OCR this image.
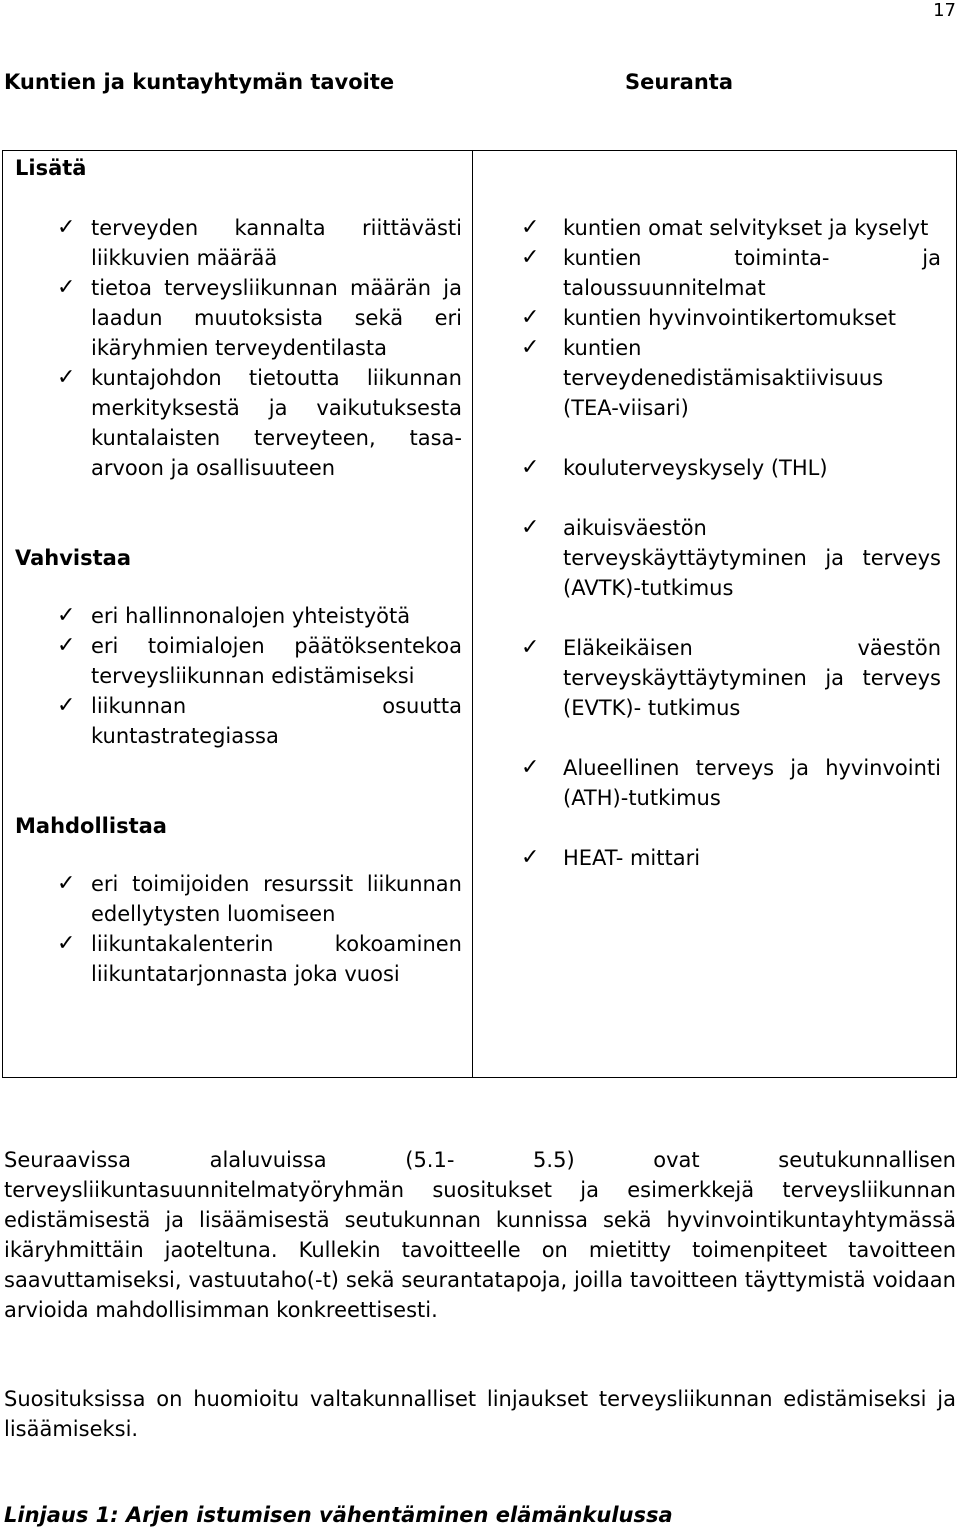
17
Kuntien ja kuntayhtymän tavoite	Seuranta
Lisätä
✓ terveyden kannalta riittävästi liikkuvien määrää
✓ tietoa terveysliikunnan määrän ja laadun muutoksista sekä eri ikäryhmien terveydentilasta
✓ kuntajohdon tietoutta liikunnan merkityksestä ja vaikutuksesta kuntalaisten terveyteen, tasa-arvoon ja osallisuuteen
Vahvistaa
✓ eri hallinnonalojen yhteistyötä
✓ eri toimialojen päätöksentekoa terveysliikunnan edistämiseksi
✓ liikunnan osuutta kuntastrategiassa
Mahdollistaa
✓ eri toimijoiden resurssit liikunnan edellytysten luomiseen
✓ liikuntakalenterin kokoaminen liikuntatarjonnasta joka vuosi
✓ kuntien omat selvitykset ja kyselyt
✓ kuntien toiminta- ja taloussuunnitelmat
✓ kuntien hyvinvointikertomukset
✓ kuntien terveydenedistämisaktiivisuus (TEA-viisari)
✓ kouluterveyskysely (THL)
✓ aikuisväestön terveyskäyttäytyminen ja terveys (AVTK)-tutkimus
✓ Eläkeikäisen väestön terveyskäyttäytyminen ja terveys (EVTK)- tutkimus
✓ Alueellinen terveys ja hyvinvointi (ATH)-tutkimus
✓ HEAT- mittari
Seuraavissa alaluvuissa (5.1- 5.5) ovat seutukunnallisen terveysliikuntasuunnitelmatyöryhmän suositukset ja esimerkkejä terveysliikunnan edistämisestä ja lisäämisestä seutukunnan kunnissa sekä hyvinvointikuntayhtymässä ikäryhmittäin jaoteltuna. Kullekin tavoitteelle on mietitty toimenpiteet tavoitteen saavuttamiseksi, vastuutaho(-t) sekä seurantatapoja, joilla tavoitteen täyttymistä voidaan arvioida mahdollisimman konkreettisesti.
Suosituksissa on huomioitu valtakunnalliset linjaukset terveysliikunnan edistämiseksi ja lisäämiseksi.
Linjaus 1: Arjen istumisen vähentäminen elämänkulussa
